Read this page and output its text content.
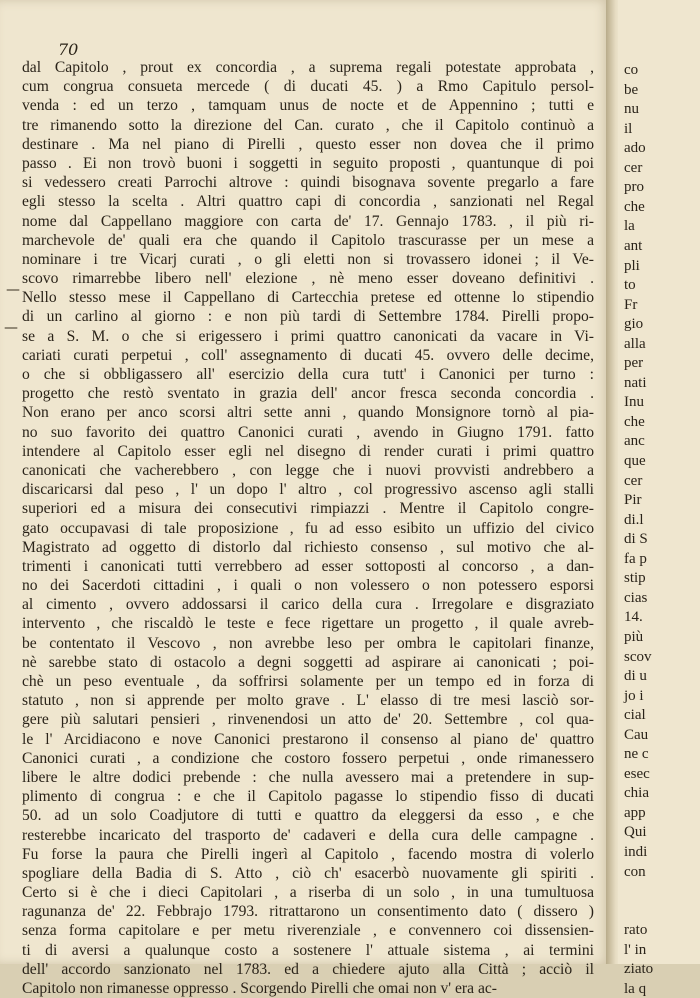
70
dal Capitolo , prout ex concordia , a suprema regali potestate approbata ,
cum congrua consueta mercede ( di ducati 45. ) a Rmo Capitulo persol-
venda : ed un terzo , tamquam unus de nocte et de Appennino ; tutti e
tre rimanendo sotto la direzione del Can. curato , che il Capitolo continuò a
destinare . Ma nel piano di Pirelli , questo esser non dovea che il primo
passo . Ei non trovò buoni i soggetti in seguito proposti , quantunque di poi
si vedessero creati Parrochi altrove : quindi bisognava sovente pregarlo a fare
egli stesso la scelta . Altri quattro capi di concordia , sanzionati nel Regal
nome dal Cappellano maggiore con carta de' 17. Gennajo 1783. , il più ri-
marchevole de' quali era che quando il Capitolo trascurasse per un mese a
nominare i tre Vicarj curati , o gli eletti non si trovassero idonei ; il Ve-
scovo rimarrebbe libero nell' elezione , nè meno esser doveano definitivi .
Nello stesso mese il Cappellano di Cartecchia pretese ed ottenne lo stipendio
di un carlino al giorno : e non più tardi di Settembre 1784. Pirelli propo-
se a S. M. o che si erigessero i primi quattro canonicati da vacare in Vi-
cariati curati perpetui , coll' assegnamento di ducati 45. ovvero delle decime,
o che si obbligassero all' esercizio della cura tutt' i Canonici per turno :
progetto che restò sventato in grazia dell' ancor fresca seconda concordia .
Non erano per anco scorsi altri sette anni , quando Monsignore tornò al pia-
no suo favorito dei quattro Canonici curati , avendo in Giugno 1791. fatto
intendere al Capitolo esser egli nel disegno di render curati i primi quattro
canonicati che vacherebbero , con legge che i nuovi provvisti andrebbero a
discaricarsi dal peso , l' un dopo l' altro , col progressivo ascenso agli stalli
superiori ed a misura dei consecutivi rimpiazzi . Mentre il Capitolo congre-
gato occupavasi di tale proposizione , fu ad esso esibito un uffizio del civico
Magistrato ad oggetto di distorlo dal richiesto consenso , sul motivo che al-
trimenti i canonicati tutti verrebbero ad esser sottoposti al concorso , a dan-
no dei Sacerdoti cittadini , i quali o non volessero o non potessero esporsi
al cimento , ovvero addossarsi il carico della cura . Irregolare e disgraziato
intervento , che riscaldò le teste e fece rigettare un progetto , il quale avreb-
be contentato il Vescovo , non avrebbe leso per ombra le capitolari finanze,
nè sarebbe stato di ostacolo a degni soggetti ad aspirare ai canonicati ; poi-
chè un peso eventuale , da soffrirsi solamente per un tempo ed in forza di
statuto , non si apprende per molto grave . L' elasso di tre mesi lasciò sor-
gere più salutari pensieri , rinvenendosi un atto de' 20. Settembre , col qua-
le l' Arcidiacono e nove Canonici prestarono il consenso al piano de' quattro
Canonici curati , a condizione che costoro fossero perpetui , onde rimanessero
libere le altre dodici prebende : che nulla avessero mai a pretendere in sup-
plimento di congrua : e che il Capitolo pagasse lo stipendio fisso di ducati
50. ad un solo Coadjutore di tutti e quattro da eleggersi da esso , e che
resterebbe incaricato del trasporto de' cadaveri e della cura delle campagne .
Fu forse la paura che Pirelli ingerì al Capitolo , facendo mostra di volerlo
spogliare della Badia di S. Atto , ciò ch' esacerbò nuovamente gli spiriti .
Certo si è che i dieci Capitolari , a riserba di un solo , in una tumultuosa
ragunanza de' 22. Febbrajo 1793. ritrattarono un consentimento dato ( dissero )
senza forma capitolare e per metu riverenziale , e convennero coi dissensien-
ti di aversi a qualunque costo a sostenere l' attuale sistema , ai termini
dell' accordo sanzionato nel 1783. ed a chiedere ajuto alla Città ; acciò il
Capitolo non rimanesse oppresso . Scorgendo Pirelli che omai non v' era ac-
—
—
co
be
nu
il
ado
cer
pro
che
la
ant
pli
to
Fr
gio
alla
per
nati
Inu
che
anc
que
cer
Pir
di.l
di S
fa p
stip
cias
14.
più
scov
di u
jo i
cial
Cau
ne c
esec
chia
app
Qui
indi
con
rato
l' in
ziato
la q
